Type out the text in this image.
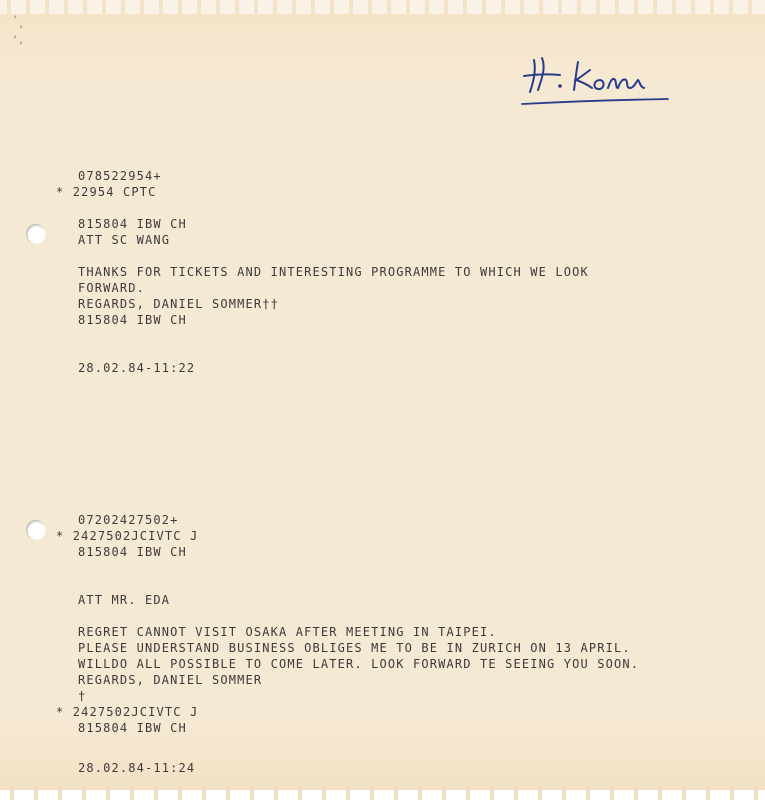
ʼ
ʼ
ʼ,
078522954+
* 22954 CPTC
815804 IBW CH
ATT SC WANG
THANKS FOR TICKETS AND INTERESTING PROGRAMME TO WHICH WE LOOK
FORWARD.
REGARDS, DANIEL SOMMER††
815804 IBW CH
28.02.84-11:22
07202427502+
* 2427502JCIVTC J
815804 IBW CH
ATT MR. EDA
REGRET CANNOT VISIT OSAKA AFTER MEETING IN TAIPEI.
PLEASE UNDERSTAND BUSINESS OBLIGES ME TO BE IN ZURICH ON 13 APRIL.
WILLDO ALL POSSIBLE TO COME LATER. LOOK FORWARD TE SEEING YOU SOON.
REGARDS, DANIEL SOMMER
†
* 2427502JCIVTC J
815804 IBW CH
28.02.84-11:24
